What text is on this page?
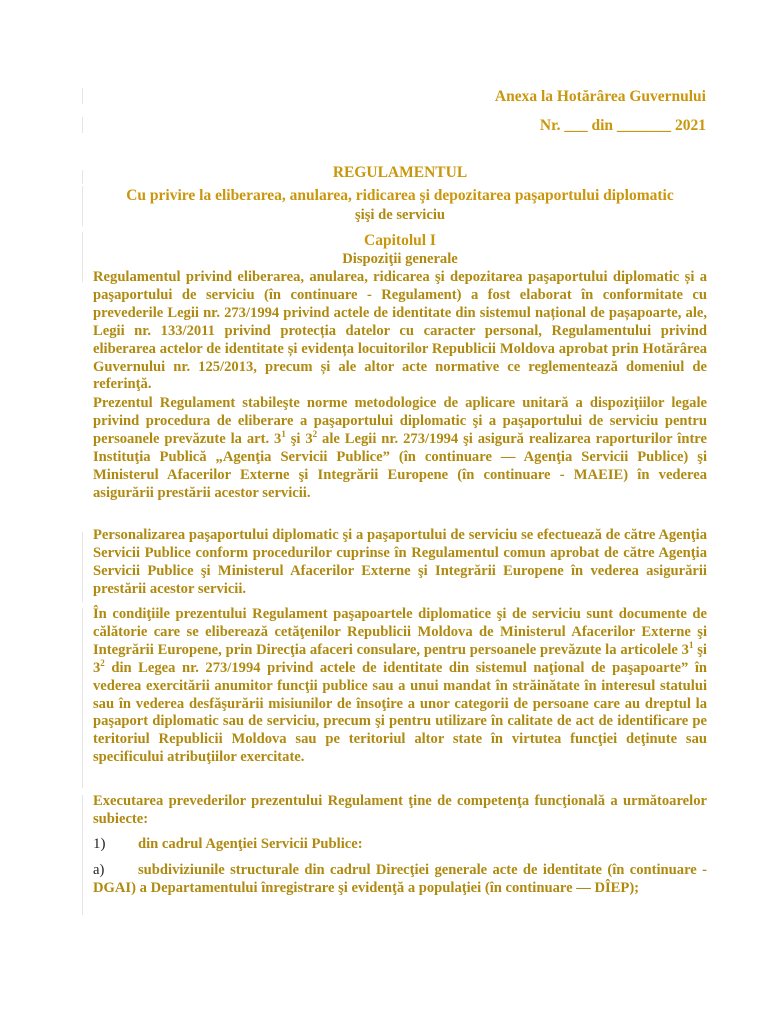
Anexa la Hotărârea Guvernului
Nr. ___ din _______ 2021
REGULAMENTUL
Cu privire la eliberarea, anularea, ridicarea şi depozitarea paşaportului diplomatic
şişi de serviciu
Capitolul I
Dispoziţii generale
Regulamentul privind eliberarea, anularea, ridicarea şi depozitarea paşaportului diplomatic și a paşaportului de serviciu (în continuare - Regulament) a fost elaborat în conformitate cu prevederile Legii nr. 273/1994 privind actele de identitate din sistemul național de pașapoarte, ale, Legii nr. 133/2011 privind protecția datelor cu caracter personal, Regulamentului privind eliberarea actelor de identitate și evidența locuitorilor Republicii Moldova aprobat prin Hotărârea Guvernului nr. 125/2013, precum și ale altor acte normative ce reglementează domeniul de referinţă.
Prezentul Regulament stabileşte norme metodologice de aplicare unitară a dispoziţiilor legale privind procedura de eliberare a paşaportului diplomatic şi a paşaportului de serviciu pentru persoanele prevăzute la art. $3^1$ şi $3^2$ ale Legii nr. 273/1994 şi asigură realizarea raporturilor între Instituţia Publică „Agenţia Servicii Publice” (în continuare — Agenţia Servicii Publice) şi Ministerul Afacerilor Externe şi Integrării Europene (în continuare - MAEIE) în vederea asigurării prestării acestor servicii.
Personalizarea paşaportului diplomatic şi a paşaportului de serviciu se efectuează de către Agenţia Servicii Publice conform procedurilor cuprinse în Regulamentul comun aprobat de către Agenţia Servicii Publice şi Ministerul Afacerilor Externe şi Integrării Europene în vederea asigurării prestării acestor servicii.
În condiţiile prezentului Regulament paşapoartele diplomatice şi de serviciu sunt documente de călătorie care se eliberează cetăţenilor Republicii Moldova de Ministerul Afacerilor Externe şi Integrării Europene, prin Direcţia afaceri consulare, pentru persoanele prevăzute la articolele $3^1$ şi $3^2$ din Legea nr. 273/1994 privind actele de identitate din sistemul naţional de paşapoarte” în vederea exercitării anumitor funcţii publice sau a unui mandat în străinătate în interesul statului sau în vederea desfăşurării misiunilor de însoţire a unor categorii de persoane care au dreptul la paşaport diplomatic sau de serviciu, precum şi pentru utilizare în calitate de act de identificare pe teritoriul Republicii Moldova sau pe teritoriul altor state în virtutea funcţiei deţinute sau specificului atribuţiilor exercitate.
Executarea prevederilor prezentului Regulament ţine de competenţa funcţională a următoarelor subiecte:
1) din cadrul Agenţiei Servicii Publice:
a) subdiviziunile structurale din cadrul Direcţiei generale acte de identitate (în continuare - DGAI) a Departamentului înregistrare şi evidenţă a populaţiei (în continuare — DÎEP);
